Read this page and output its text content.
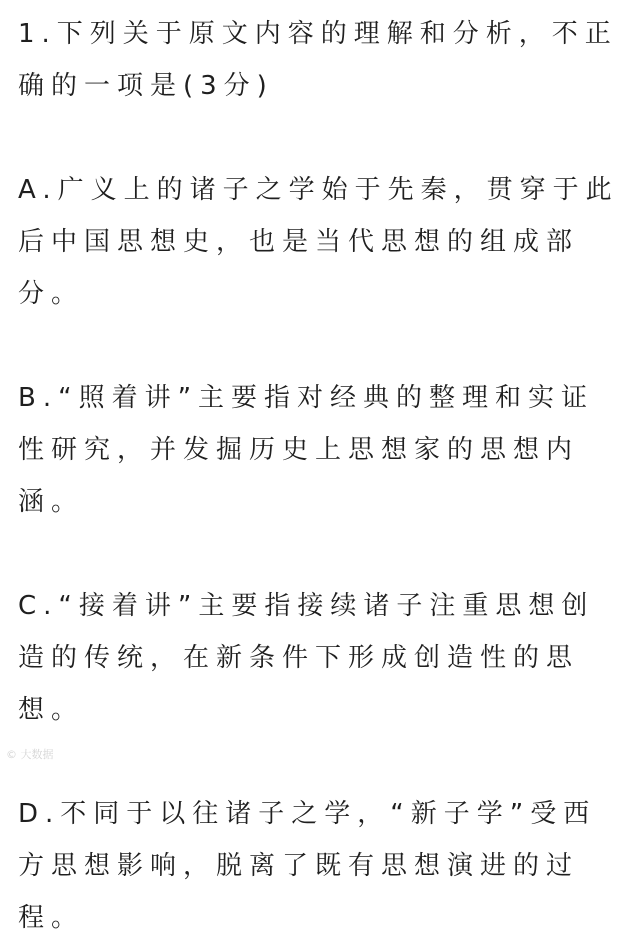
1.下列关于原文内容的理解和分析，不正确的一项是(3分)

A.广义上的诸子之学始于先秦，贯穿于此后中国思想史，也是当代思想的组成部分。

B.“照着讲”主要指对经典的整理和实证性研究，并发掘历史上思想家的思想内涵。

C.“接着讲”主要指接续诸子注重思想创造的传统，在新条件下形成创造性的思想。

D.不同于以往诸子之学，“新子学”受西方思想影响，脱离了既有思想演进的过程。

© 大数据
